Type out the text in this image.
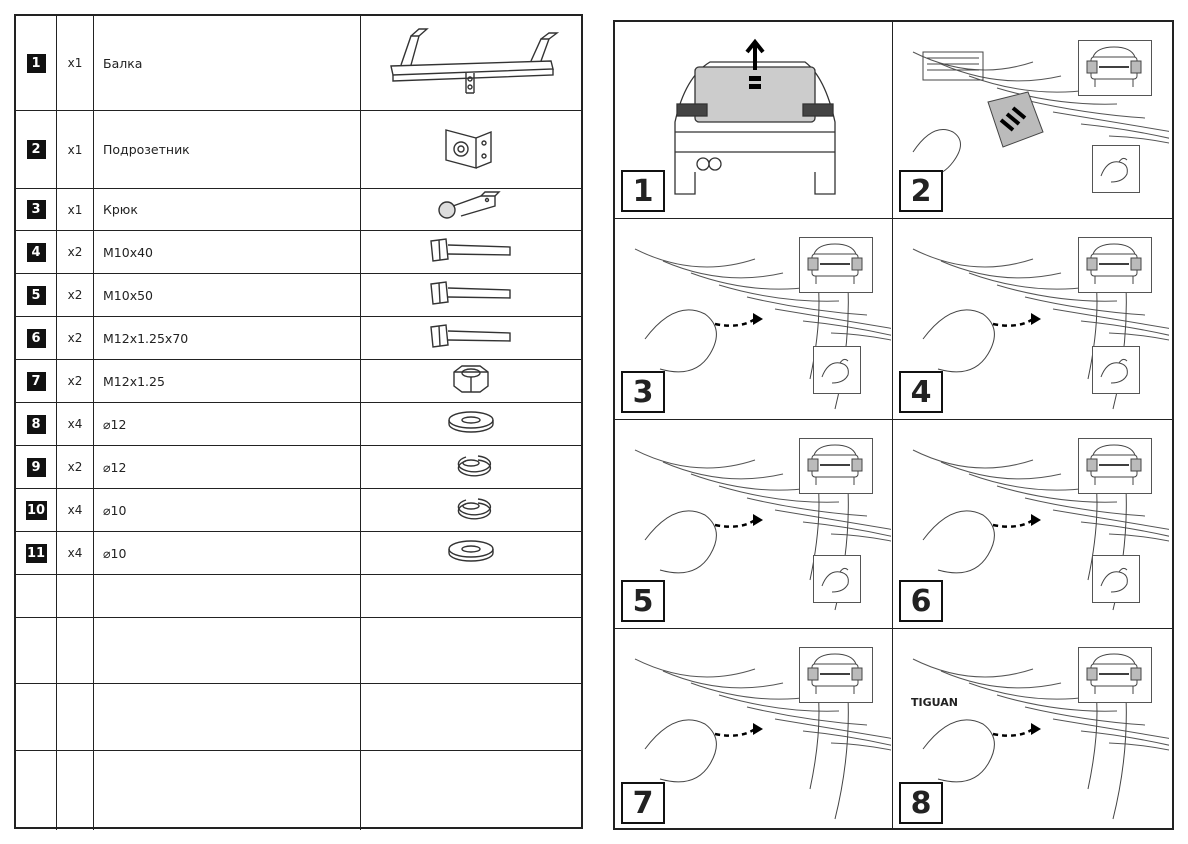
1	x1	Балка
2	x1	Подрозетник
3	x1	Крюк
4	x2	M10x40
5	x2	M10x50
6	x2	M12x1.25x70
7	x2	M12x1.25
8	x4	⌀12
9	x2	⌀12
10	x4	⌀10
11	x4	⌀10
1	2
3	4
5	6
7
TIGUAN
8
